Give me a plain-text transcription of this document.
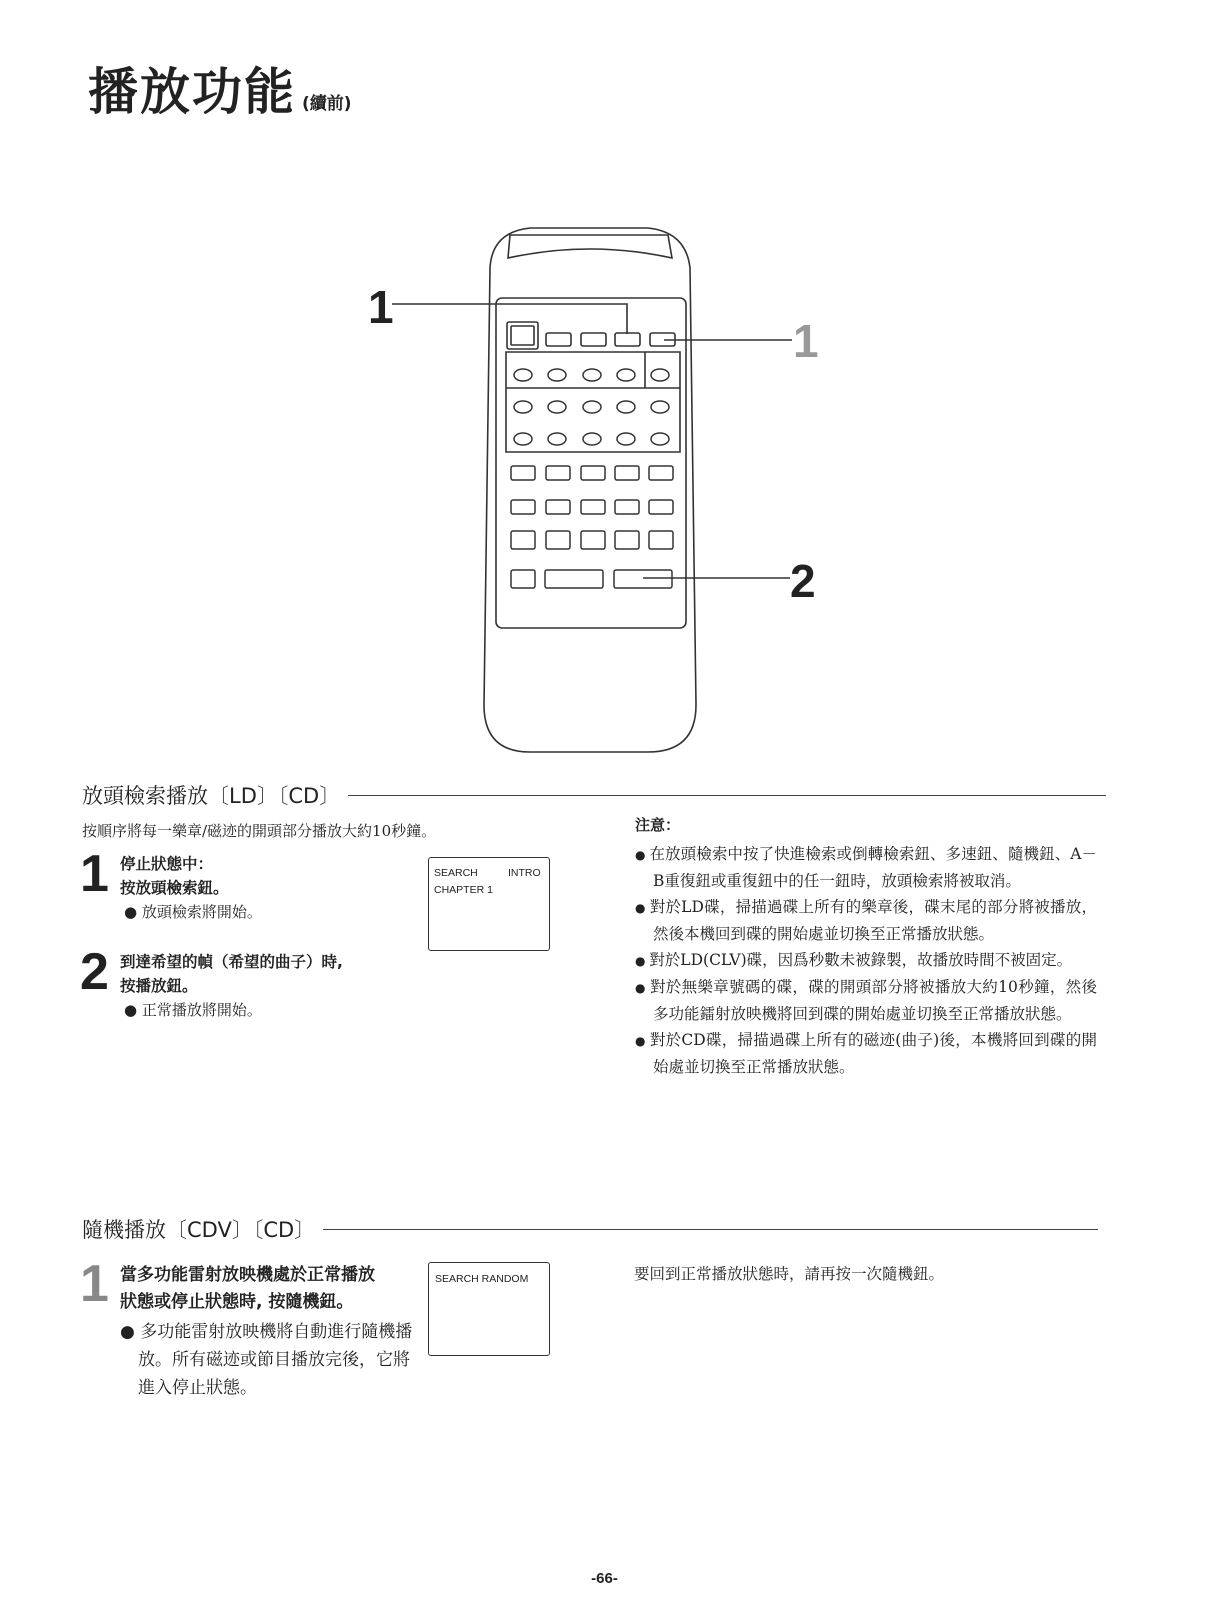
播放功能 (續前)
1
1
2
放頭檢索播放〔LD〕〔CD〕
按順序將每一樂章/磁迹的開頭部分播放大約10秒鐘。
1 停止狀態中：
按放頭檢索鈕。
● 放頭檢索將開始。
2 到達希望的幀（希望的曲子）時,
按播放鈕。
● 正常播放將開始。
SEARCH	INTRO
CHAPTER 1
注意：
● 在放頭檢索中按了快進檢索或倒轉檢索鈕、多速鈕、隨機鈕、A－B重復鈕或重復鈕中的任一鈕時，放頭檢索將被取消。
● 對於LD碟，掃描過碟上所有的樂章後，碟末尾的部分將被播放，然後本機回到碟的開始處並切換至正常播放狀態。
● 對於LD(CLV)碟，因爲秒數未被錄製，故播放時間不被固定。
● 對於無樂章號碼的碟，碟的開頭部分將被播放大約10秒鐘，然後多功能鐳射放映機將回到碟的開始處並切換至正常播放狀態。
● 對於CD碟，掃描過碟上所有的磁迹(曲子)後，本機將回到碟的開始處並切換至正常播放狀態。
隨機播放〔CDV〕〔CD〕
1 當多功能雷射放映機處於正常播放
狀態或停止狀態時, 按隨機鈕。
● 多功能雷射放映機將自動進行隨機播放。所有磁迹或節目播放完後，它將進入停止狀態。
SEARCH RANDOM	要回到正常播放狀態時，請再按一次隨機鈕。
-66-
